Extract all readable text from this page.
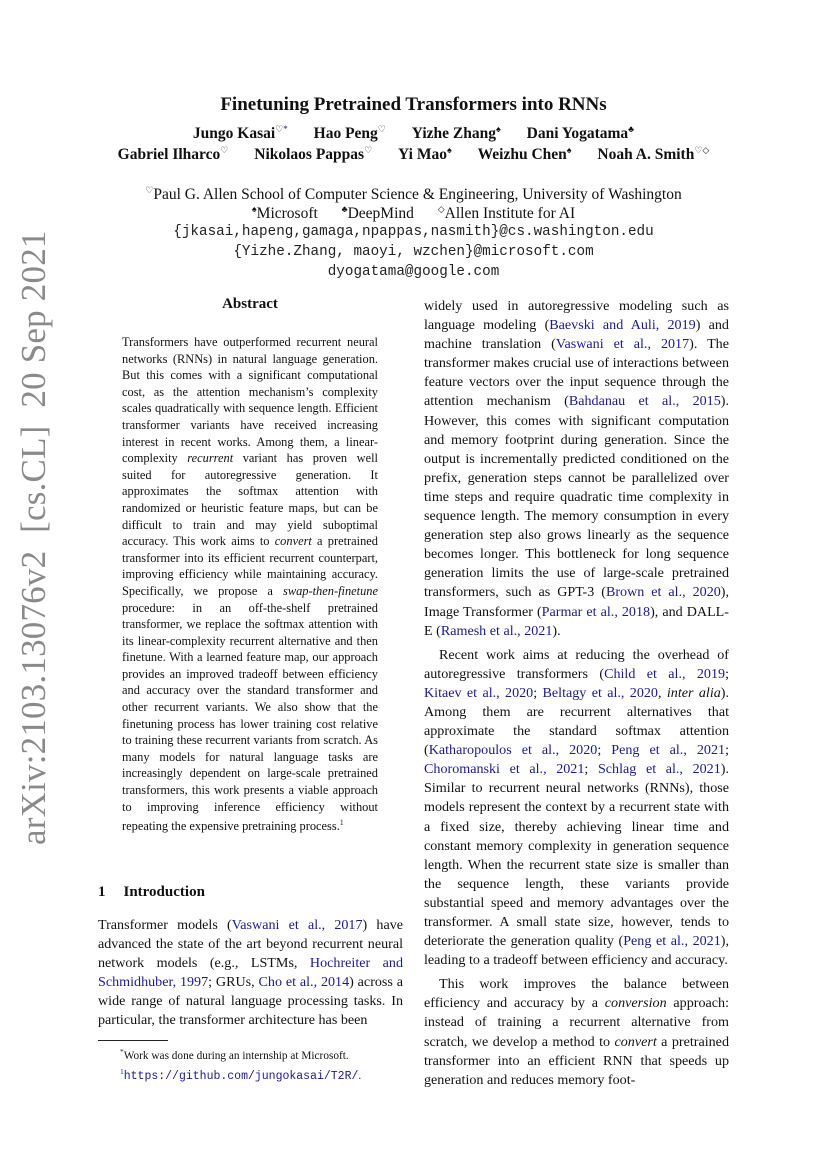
arXiv:2103.13076v2  [cs.CL]  20 Sep 2021
Finetuning Pretrained Transformers into RNNs
Jungo Kasai♡* Hao Peng♡ Yizhe Zhang♠ Dani Yogatama♣
Gabriel Ilharco♡ Nikolaos Pappas♡ Yi Mao♠ Weizhu Chen♠ Noah A. Smith♡◇
♡Paul G. Allen School of Computer Science & Engineering, University of Washington
♠Microsoft	♣DeepMind	◇Allen Institute for AI
{jkasai,hapeng,gamaga,npappas,nasmith}@cs.washington.edu
{Yizhe.Zhang, maoyi, wzchen}@microsoft.com
dyogatama@google.com
Abstract
Transformers have outperformed recurrent neural networks (RNNs) in natural language generation. But this comes with a significant computational cost, as the attention mechanism’s complexity scales quadratically with sequence length. Efficient transformer variants have received increasing interest in recent works. Among them, a linear-complexity recurrent variant has proven well suited for autoregressive generation. It approximates the softmax attention with randomized or heuristic feature maps, but can be difficult to train and may yield suboptimal accuracy. This work aims to convert a pretrained transformer into its efficient recurrent counterpart, improving efficiency while maintaining accuracy. Specifically, we propose a swap-then-finetune procedure: in an off-the-shelf pretrained transformer, we replace the softmax attention with its linear-complexity recurrent alternative and then finetune. With a learned feature map, our approach provides an improved tradeoff between efficiency and accuracy over the standard transformer and other recurrent variants. We also show that the finetuning process has lower training cost relative to training these recurrent variants from scratch. As many models for natural language tasks are increasingly dependent on large-scale pretrained transformers, this work presents a viable approach to improving inference efficiency without repeating the expensive pretraining process.$^1$
1 Introduction

Transformer models (Vaswani et al., 2017) have advanced the state of the art beyond recurrent neural network models (e.g., LSTMs, Hochreiter and Schmidhuber, 1997; GRUs, Cho et al., 2014) across a wide range of natural language processing tasks. In particular, the transformer architecture has been

widely used in autoregressive modeling such as language modeling (Baevski and Auli, 2019) and machine translation (Vaswani et al., 2017). The transformer makes crucial use of interactions between feature vectors over the input sequence through the attention mechanism (Bahdanau et al., 2015). However, this comes with significant computation and memory footprint during generation. Since the output is incrementally predicted conditioned on the prefix, generation steps cannot be parallelized over time steps and require quadratic time complexity in sequence length. The memory consumption in every generation step also grows linearly as the sequence becomes longer. This bottleneck for long sequence generation limits the use of large-scale pretrained transformers, such as GPT-3 (Brown et al., 2020), Image Transformer (Parmar et al., 2018), and DALL-E (Ramesh et al., 2021).

Recent work aims at reducing the overhead of autoregressive transformers (Child et al., 2019; Kitaev et al., 2020; Beltagy et al., 2020, inter alia). Among them are recurrent alternatives that approximate the standard softmax attention (Katharopoulos et al., 2020; Peng et al., 2021; Choromanski et al., 2021; Schlag et al., 2021). Similar to recurrent neural networks (RNNs), those models represent the context by a recurrent state with a fixed size, thereby achieving linear time and constant memory complexity in generation sequence length. When the recurrent state size is smaller than the sequence length, these variants provide substantial speed and memory advantages over the transformer. A small state size, however, tends to deteriorate the generation quality (Peng et al., 2021), leading to a tradeoff between efficiency and accuracy.

This work improves the balance between efficiency and accuracy by a conversion approach: instead of training a recurrent alternative from scratch, we develop a method to convert a pretrained transformer into an efficient RNN that speeds up generation and reduces memory foot-

*Work was done during an internship at Microsoft.
$^1$https://github.com/jungokasai/T2R/.
